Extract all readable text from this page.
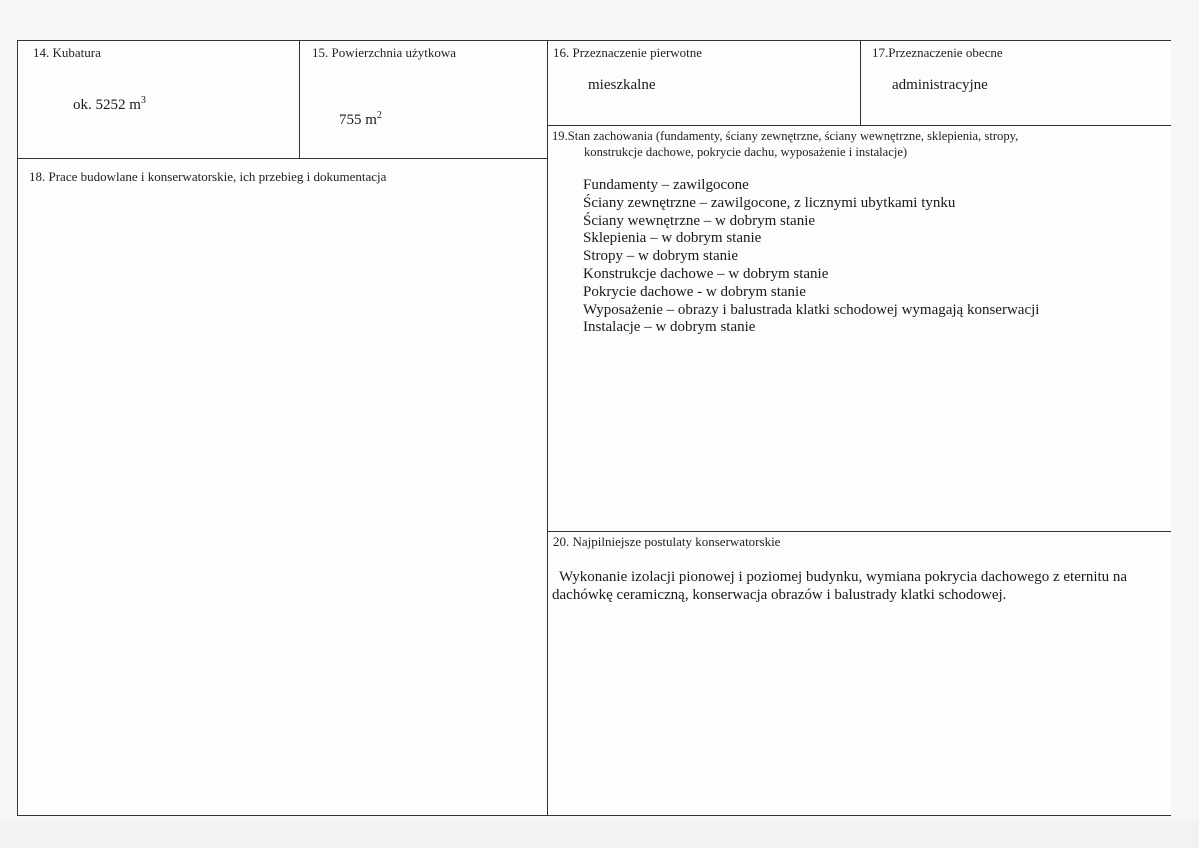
14. Kubatura
ok. 5252 $m^3$
15. Powierzchnia użytkowa
755 $m^2$
16. Przeznaczenie pierwotne
mieszkalne
17.Przeznaczenie obecne
administracyjne
18. Prace budowlane i konserwatorskie, ich przebieg i dokumentacja
19.Stan zachowania (fundamenty, ściany zewnętrzne, ściany wewnętrzne, sklepienia, stropy,
konstrukcje dachowe, pokrycie dachu, wyposażenie i instalacje)
Fundamenty – zawilgocone
Ściany zewnętrzne – zawilgocone, z licznymi ubytkami tynku
Ściany wewnętrzne – w dobrym stanie
Sklepienia – w dobrym stanie
Stropy – w dobrym stanie
Konstrukcje dachowe – w dobrym stanie
Pokrycie dachowe - w dobrym stanie
Wyposażenie – obrazy i balustrada klatki schodowej wymagają konserwacji
Instalacje – w dobrym stanie
20. Najpilniejsze postulaty konserwatorskie
Wykonanie izolacji pionowej i poziomej budynku, wymiana pokrycia dachowego z eternitu na dachówkę ceramiczną, konserwacja obrazów i balustrady klatki schodowej.
